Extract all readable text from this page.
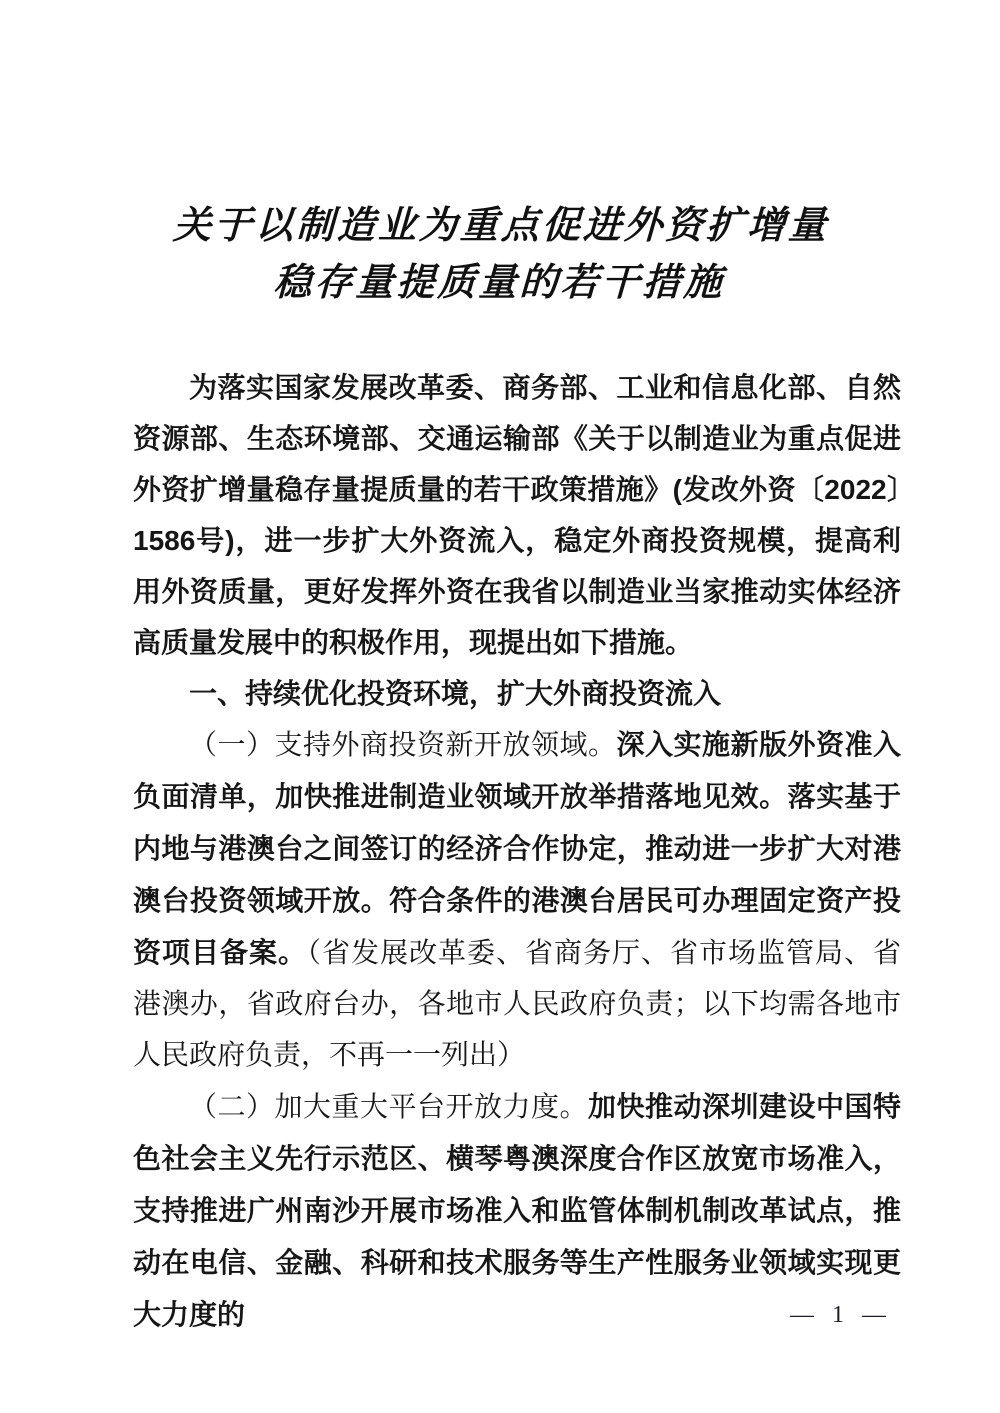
关于以制造业为重点促进外资扩增量
稳存量提质量的若干措施

为落实国家发展改革委、商务部、工业和信息化部、自然资源部、生态环境部、交通运输部《关于以制造业为重点促进外资扩增量稳存量提质量的若干政策措施》(发改外资〔2022〕1586号)，进一步扩大外资流入，稳定外商投资规模，提高利用外资质量，更好发挥外资在我省以制造业当家推动实体经济高质量发展中的积极作用，现提出如下措施。

一、持续优化投资环境，扩大外商投资流入

（一）支持外商投资新开放领域。深入实施新版外资准入负面清单，加快推进制造业领域开放举措落地见效。落实基于内地与港澳台之间签订的经济合作协定，推动进一步扩大对港澳台投资领域开放。符合条件的港澳台居民可办理固定资产投资项目备案。（省发展改革委、省商务厅、省市场监管局、省港澳办，省政府台办，各地市人民政府负责；以下均需各地市人民政府负责，不再一一列出）

（二）加大重大平台开放力度。加快推动深圳建设中国特色社会主义先行示范区、横琴粤澳深度合作区放宽市场准入，支持推进广州南沙开展市场准入和监管体制机制改革试点，推动在电信、金融、科研和技术服务等生产性服务业领域实现更大力度的	— 1 —
